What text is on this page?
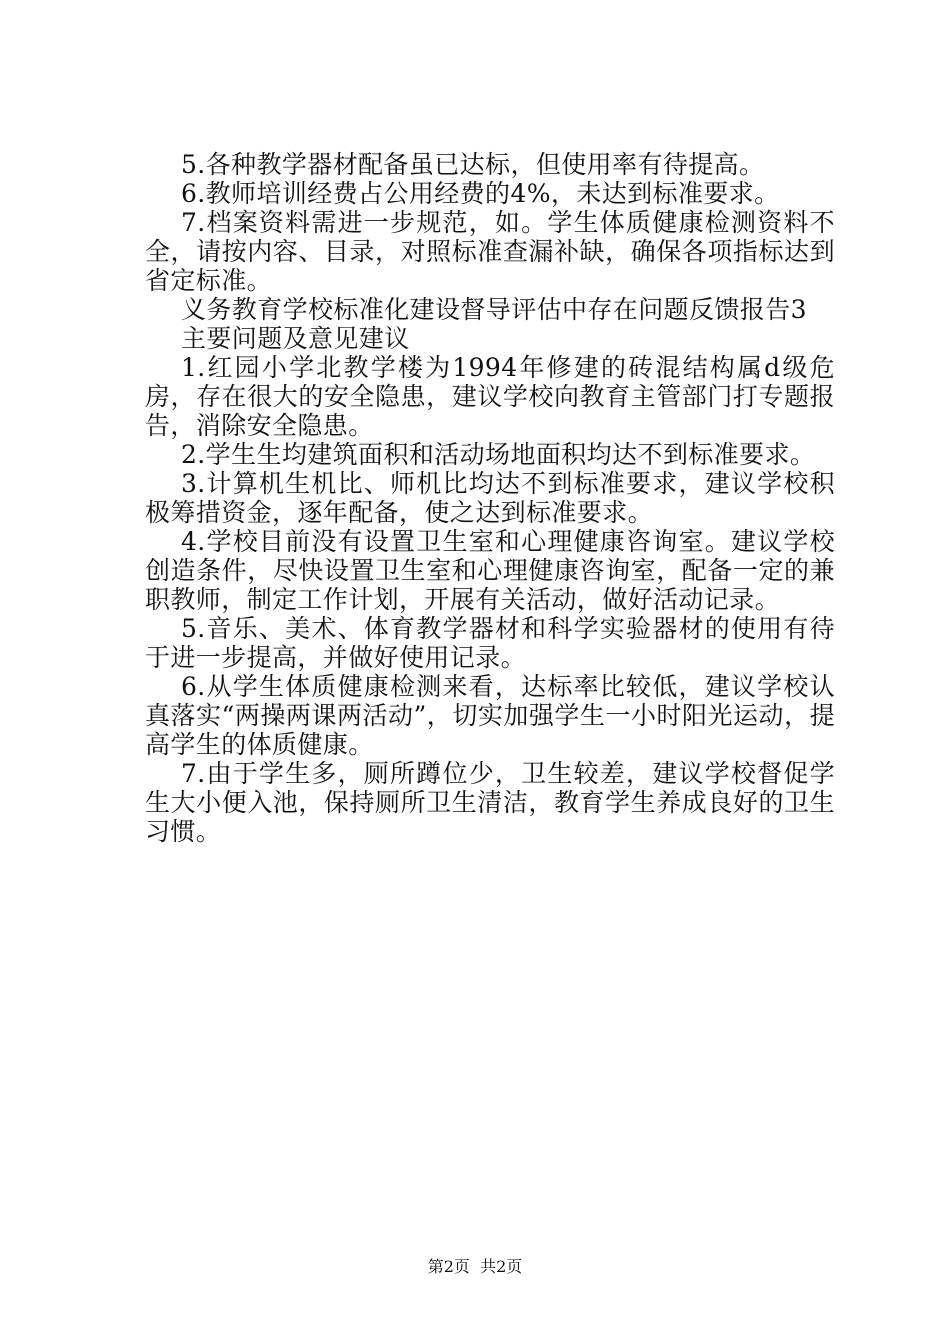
5.各种教学器材配备虽已达标，但使用率有待提高。

6.教师培训经费占公用经费的4%，未达到标准要求。

7.档案资料需进一步规范，如。学生体质健康检测资料不全，请按内容、目录，对照标准查漏补缺，确保各项指标达到省定标准。

义务教育学校标准化建设督导评估中存在问题反馈报告3

主要问题及意见建议

1.红园小学北教学楼为1994年修建的砖混结构属d级危房，存在很大的安全隐患，建议学校向教育主管部门打专题报告，消除安全隐患。

2.学生生均建筑面积和活动场地面积均达不到标准要求。

3.计算机生机比、师机比均达不到标准要求，建议学校积极筹措资金，逐年配备，使之达到标准要求。

4.学校目前没有设置卫生室和心理健康咨询室。建议学校创造条件，尽快设置卫生室和心理健康咨询室，配备一定的兼职教师，制定工作计划，开展有关活动，做好活动记录。

5.音乐、美术、体育教学器材和科学实验器材的使用有待于进一步提高，并做好使用记录。

6.从学生体质健康检测来看，达标率比较低，建议学校认真落实“两操两课两活动”，切实加强学生一小时阳光运动，提高学生的体质健康。

7.由于学生多，厕所蹲位少，卫生较差，建议学校督促学生大小便入池，保持厕所卫生清洁，教育学生养成良好的卫生习惯。

第2页 共2页
